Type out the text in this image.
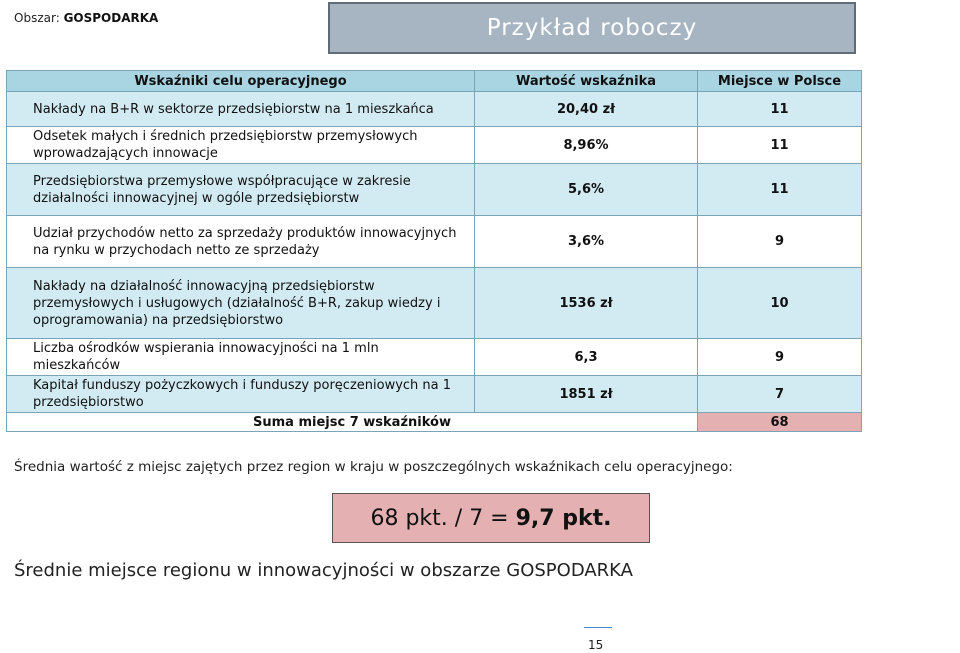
Obszar: GOSPODARKA	Przykład roboczy
Wskaźniki celu operacyjnego	Wartość wskaźnika	Miejsce w Polsce
Nakłady na B+R w sektorze przedsiębiorstw na 1 mieszkańca	20,40 zł	11
Odsetek małych i średnich przedsiębiorstw przemysłowych wprowadzających innowacje	8,96%	11
Przedsiębiorstwa przemysłowe współpracujące w zakresie działalności innowacyjnej w ogóle przedsiębiorstw	5,6%	11
Udział przychodów netto za sprzedaży produktów innowacyjnych na rynku w przychodach netto ze sprzedaży	3,6%	9
Nakłady na działalność innowacyjną przedsiębiorstw przemysłowych i usługowych (działalność B+R, zakup wiedzy i oprogramowania) na przedsiębiorstwo	1536 zł	10
Liczba ośrodków wspierania innowacyjności na 1 mln mieszkańców	6,3	9
Kapitał funduszy pożyczkowych i funduszy poręczeniowych na 1 przedsiębiorstwo	1851 zł	7
Suma miejsc 7 wskaźników		68
Średnia wartość z miejsc zajętych przez region w kraju w poszczególnych wskaźnikach celu operacyjnego:
68 pkt. / 7 = 9,7 pkt.
Średnie miejsce regionu w innowacyjności w obszarze GOSPODARKA
15
